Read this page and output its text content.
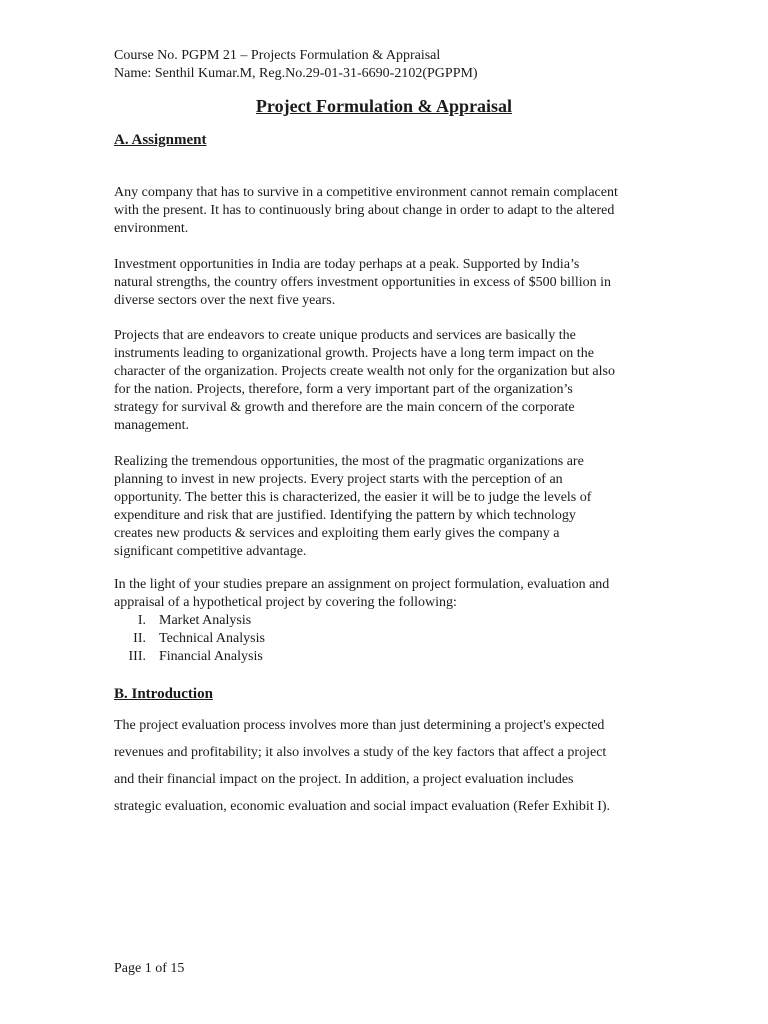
Course No. PGPM 21 – Projects Formulation & Appraisal
Name: Senthil Kumar.M, Reg.No.29-01-31-6690-2102(PGPPM)
Project Formulation & Appraisal
A. Assignment
Any company that has to survive in a competitive environment cannot remain complacent
with the present. It has to continuously bring about change in order to adapt to the altered
environment.
Investment opportunities in India are today perhaps at a peak. Supported by India’s
natural strengths, the country offers investment opportunities in excess of $500 billion in
diverse sectors over the next five years.
Projects that are endeavors to create unique products and services are basically the
instruments leading to organizational growth. Projects have a long term impact on the
character of the organization. Projects create wealth not only for the organization but also
for the nation. Projects, therefore, form a very important part of the organization’s
strategy for survival & growth and therefore are the main concern of the corporate
management.
Realizing the tremendous opportunities, the most of the pragmatic organizations are
planning to invest in new projects. Every project starts with the perception of an
opportunity. The better this is characterized, the easier it will be to judge the levels of
expenditure and risk that are justified. Identifying the pattern by which technology
creates new products & services and exploiting them early gives the company a
significant competitive advantage.
In the light of your studies prepare an assignment on project formulation, evaluation and
appraisal of a hypothetical project by covering the following:
I. Market Analysis
II. Technical Analysis
III. Financial Analysis
B. Introduction
The project evaluation process involves more than just determining a project's expected
revenues and profitability; it also involves a study of the key factors that affect a project
and their financial impact on the project. In addition, a project evaluation includes
strategic evaluation, economic evaluation and social impact evaluation (Refer Exhibit I).
Page 1 of 15
